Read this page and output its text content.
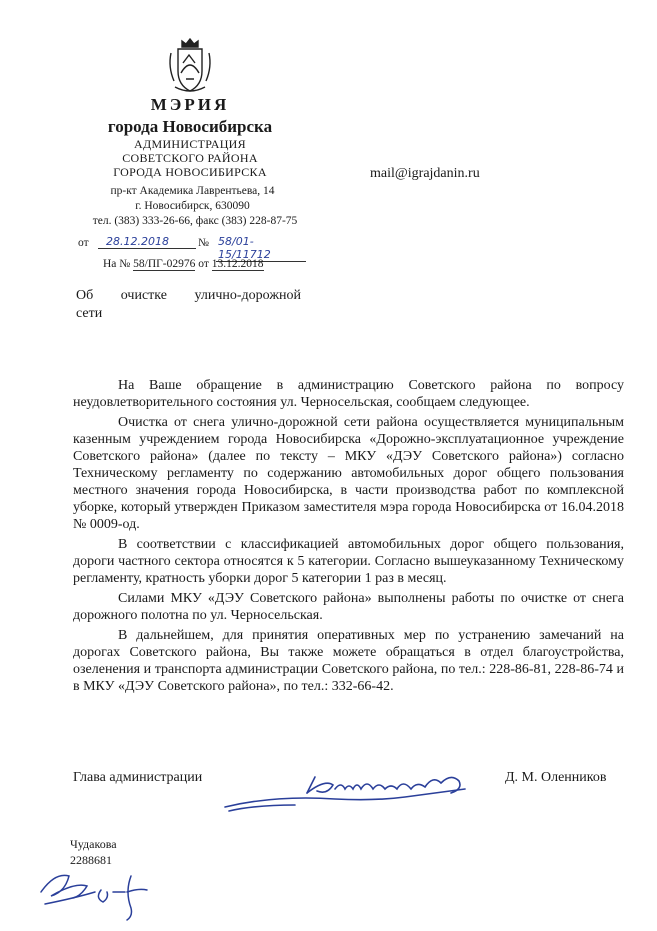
МЭРИЯ
города Новосибирска
АДМИНИСТРАЦИЯ
СОВЕТСКОГО РАЙОНА
ГОРОДА НОВОСИБИРСКА
пр-кт Академика Лаврентьева, 14
г. Новосибирск, 630090
тел. (383) 333-26-66, факс (383) 228-87-75
mail@igrajdanin.ru
от	28.12.2018	№ 58/01-15/11712
На № 58/ПГ-02976 от 13.12.2018
Об очистке улично-дорожной
сети

На Ваше обращение в администрацию Советского района по вопросу неудовлетворительного состояния ул. Черносельская, сообщаем следующее.

Очистка от снега улично-дорожной сети района осуществляется муниципальным казенным учреждением города Новосибирска «Дорожно-эксплуатационное учреждение Советского района» (далее по тексту – МКУ «ДЭУ Советского района») согласно Техническому регламенту по содержанию автомобильных дорог общего пользования местного значения города Новосибирска, в части производства работ по комплексной уборке, который утвержден Приказом заместителя мэра города Новосибирска от 16.04.2018 № 0009-од.

В соответствии с классификацией автомобильных дорог общего пользования, дороги частного сектора относятся к 5 категории. Согласно вышеуказанному Техническому регламенту, кратность уборки дорог 5 категории 1 раз в месяц.

Силами МКУ «ДЭУ Советского района» выполнены работы по очистке от снега дорожного полотна по ул. Черносельская.

В дальнейшем, для принятия оперативных мер по устранению замечаний на дорогах Советского района, Вы также можете обращаться в отдел благоустройства, озеленения и транспорта администрации Советского района, по тел.: 228-86-81, 228-86-74 и в МКУ «ДЭУ Советского района», по тел.: 332-66-42.

Глава администрации	Д. М. Оленников
Чудакова
2288681
